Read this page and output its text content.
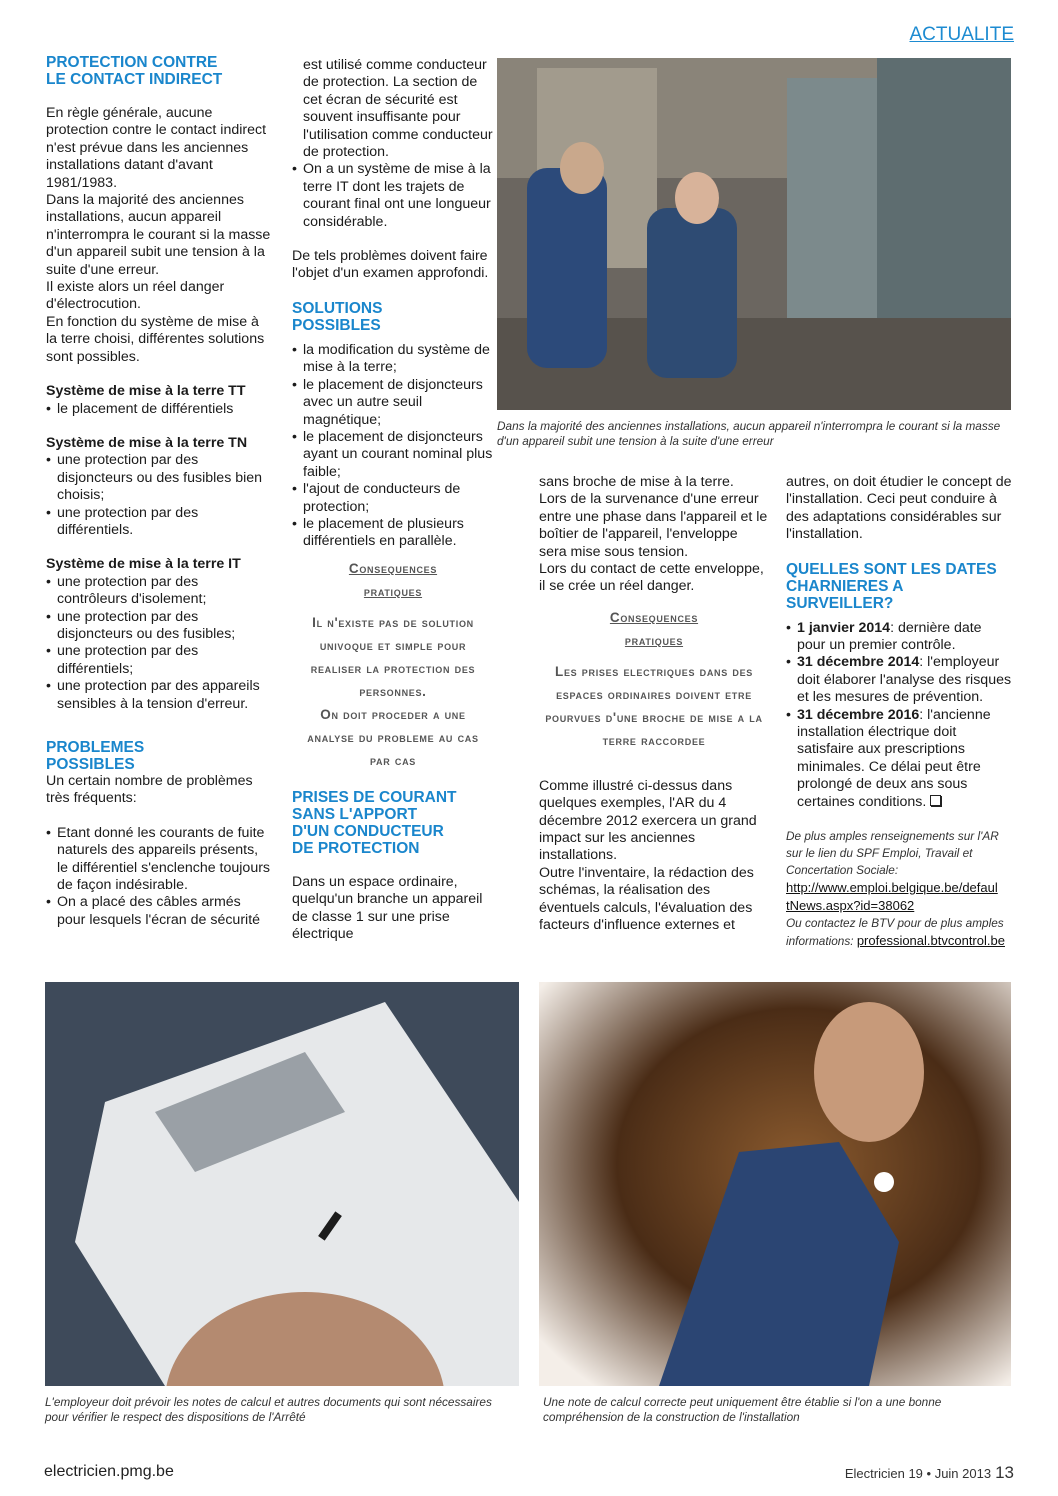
ACTUALITE

PROTECTION CONTRE

LE CONTACT INDIRECT

En règle générale, aucune protection contre le contact indirect n'est prévue dans les anciennes installations datant d'avant 1981/1983.

Dans la majorité des anciennes installations, aucun appareil n'interrompra le courant si la masse d'un appareil subit une tension à la suite d'une erreur.

Il existe alors un réel danger d'électrocution.

En fonction du système de mise à la terre choisi, différentes solutions sont possibles.

Système de mise à la terre TT

• le placement de différentiels

Système de mise à la terre TN

• une protection par des disjoncteurs ou des fusibles bien choisis;
• une protection par des différentiels.

Système de mise à la terre IT

• une protection par des contrôleurs d'isolement;
• une protection par des disjoncteurs ou des fusibles;
• une protection par des différentiels;
• une protection par des appareils sensibles à la tension d'erreur.

PROBLEMES

POSSIBLES

Un certain nombre de problèmes très fréquents:

• Etant donné les courants de fuite naturels des appareils présents, le différentiel s'enclenche toujours de façon indésirable.
• On a placé des câbles armés pour lesquels l'écran de sécurité

est utilisé comme conducteur de protection. La section de cet écran de sécurité est souvent insuffisante pour l'utilisation comme conducteur de protection.

• On a un système de mise à la terre IT dont les trajets de courant final ont une longueur considérable.

De tels problèmes doivent faire l'objet d'un examen approfondi.

SOLUTIONS

POSSIBLES

• la modification du système de mise à la terre;
• le placement de disjoncteurs avec un autre seuil magnétique;
• le placement de disjoncteurs ayant un courant nominal plus faible;
• l'ajout de conducteurs de protection;
• le placement de plusieurs différentiels en parallèle.
Consequences
pratiques
Il n'existe pas de solution univoque et simple pour realiser la protection des personnes.
On doit proceder a une analyse du probleme au cas par cas

PRISES DE COURANT

SANS L'APPORT

D'UN CONDUCTEUR

DE PROTECTION

Dans un espace ordinaire, quelqu'un branche un appareil de classe 1 sur une prise électrique

Dans la majorité des anciennes installations, aucun appareil n'interrompra le courant si la masse d'un appareil subit une tension à la suite d'une erreur

sans broche de mise à la terre.

Lors de la survenance d'une erreur entre une phase dans l'appareil et le boîtier de l'appareil, l'enveloppe sera mise sous tension.

Lors du contact de cette enveloppe, il se crée un réel danger.

Consequences
pratiques
Les prises electriques dans des espaces ordinaires doivent etre pourvues d'une broche de mise a la terre raccordee

Comme illustré ci-dessus dans quelques exemples, l'AR du 4 décembre 2012 exercera un grand impact sur les anciennes installations.

Outre l'inventaire, la rédaction des schémas, la réalisation des éventuels calculs, l'évaluation des facteurs d'influence externes et

autres, on doit étudier le concept de l'installation. Ceci peut conduire à des adaptations considérables sur l'installation.

QUELLES SONT LES DATES

CHARNIERES A SURVEILLER?

• 1 janvier 2014: dernière date pour un premier contrôle.
• 31 décembre 2014: l'employeur doit élaborer l'analyse des risques et les mesures de prévention.
• 31 décembre 2016: l'ancienne installation électrique doit satisfaire aux prescriptions minimales. Ce délai peut être prolongé de deux ans sous certaines conditions.
De plus amples renseignements sur l'AR sur le lien du SPF Emploi, Travail et Concertation Sociale:
http://www.emploi.belgique.be/defaul
tNews.aspx?id=38062
Ou contactez le BTV pour de plus amples informations: professional.btvcontrol.be
L'employeur doit prévoir les notes de calcul et autres documents qui sont nécessaires pour vérifier le respect des dispositions de l'Arrêté
Une note de calcul correcte peut uniquement être établie si l'on a une bonne compréhension de la construction de l'installation
electricien.pmg.be	Electricien 19 • Juin 2013 13
